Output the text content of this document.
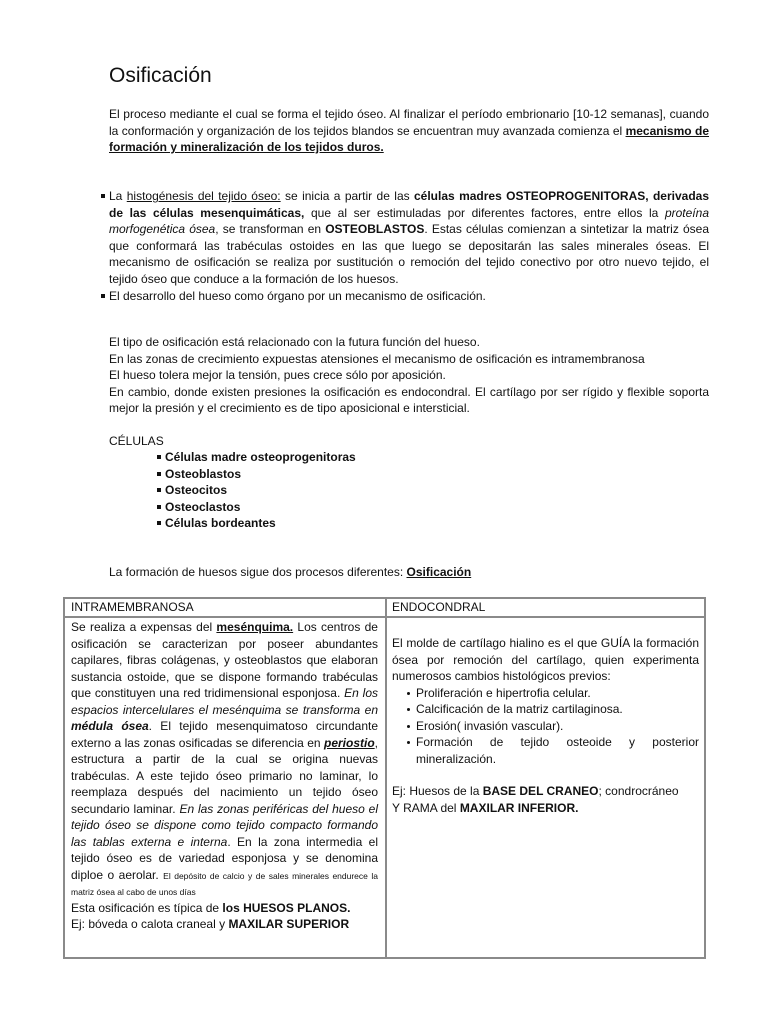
Osificación

El proceso mediante el cual se forma el tejido óseo. Al finalizar el período embrionario [10-12 semanas], cuando la conformación y organización de los tejidos blandos se encuentran muy avanzada comienza el mecanismo de formación y mineralización de los tejidos duros.

La histogénesis del tejido óseo: se inicia a partir de las células madres OSTEOPROGENITORAS, derivadas de las células mesenquimáticas, que al ser estimuladas por diferentes factores, entre ellos la proteína morfogenética ósea, se transforman en OSTEOBLASTOS. Estas células comienzan a sintetizar la matriz ósea que conformará las trabéculas ostoides en las que luego se depositarán las sales minerales óseas. El mecanismo de osificación se realiza por sustitución o remoción del tejido conectivo por otro nuevo tejido, el tejido óseo que conduce a la formación de los huesos.
El desarrollo del hueso como órgano por un mecanismo de osificación.

El tipo de osificación está relacionado con la futura función del hueso.

En las zonas de crecimiento expuestas atensiones el mecanismo de osificación es intramembranosa

El hueso tolera mejor la tensión, pues crece sólo por aposición.

En cambio, donde existen presiones la osificación es endocondral. El cartílago por ser rígido y flexible soporta mejor la presión y el crecimiento es de tipo aposicional e intersticial.

CÉLULAS

Células madre osteoprogenitoras
Osteoblastos
Osteocitos
Osteoclastos
Células bordeantes

La formación de huesos sigue dos procesos diferentes: Osificación

INTRAMEMBRANOSA	ENDOCONDRAL

Se realiza a expensas del mesénquima. Los centros de osificación se caracterizan por poseer abundantes capilares, fibras colágenas, y osteoblastos que elaboran sustancia ostoide, que se dispone formando trabéculas que constituyen una red tridimensional esponjosa. En los espacios intercelulares el mesénquima se transforma en médula ósea. El tejido mesenquimatoso circundante externo a las zonas osificadas se diferencia en periostio, estructura a partir de la cual se origina nuevas trabéculas. A este tejido óseo primario no laminar, lo reemplaza después del nacimiento un tejido óseo secundario laminar. En las zonas periféricas del hueso el tejido óseo se dispone como tejido compacto formando las tablas externa e interna. En la zona intermedia el tejido óseo es de variedad esponjosa y se denomina diploe o aerolar. El depósito de calcio y de sales minerales endurece la matriz ósea al cabo de unos días

Esta osificación es típica de los HUESOS PLANOS.

Ej: bóveda o calota craneal y MAXILAR SUPERIOR

El molde de cartílago hialino es el que GUÍA la formación ósea por remoción del cartílago, quien experimenta numerosos cambios histológicos previos:

Proliferación e hipertrofia celular.
Calcificación de la matriz cartilaginosa.
Erosión( invasión vascular).
Formación de tejido osteoide y posterior mineralización.

Ej: Huesos de la BASE DEL CRANEO; condrocráneo

Y RAMA del MAXILAR INFERIOR.
